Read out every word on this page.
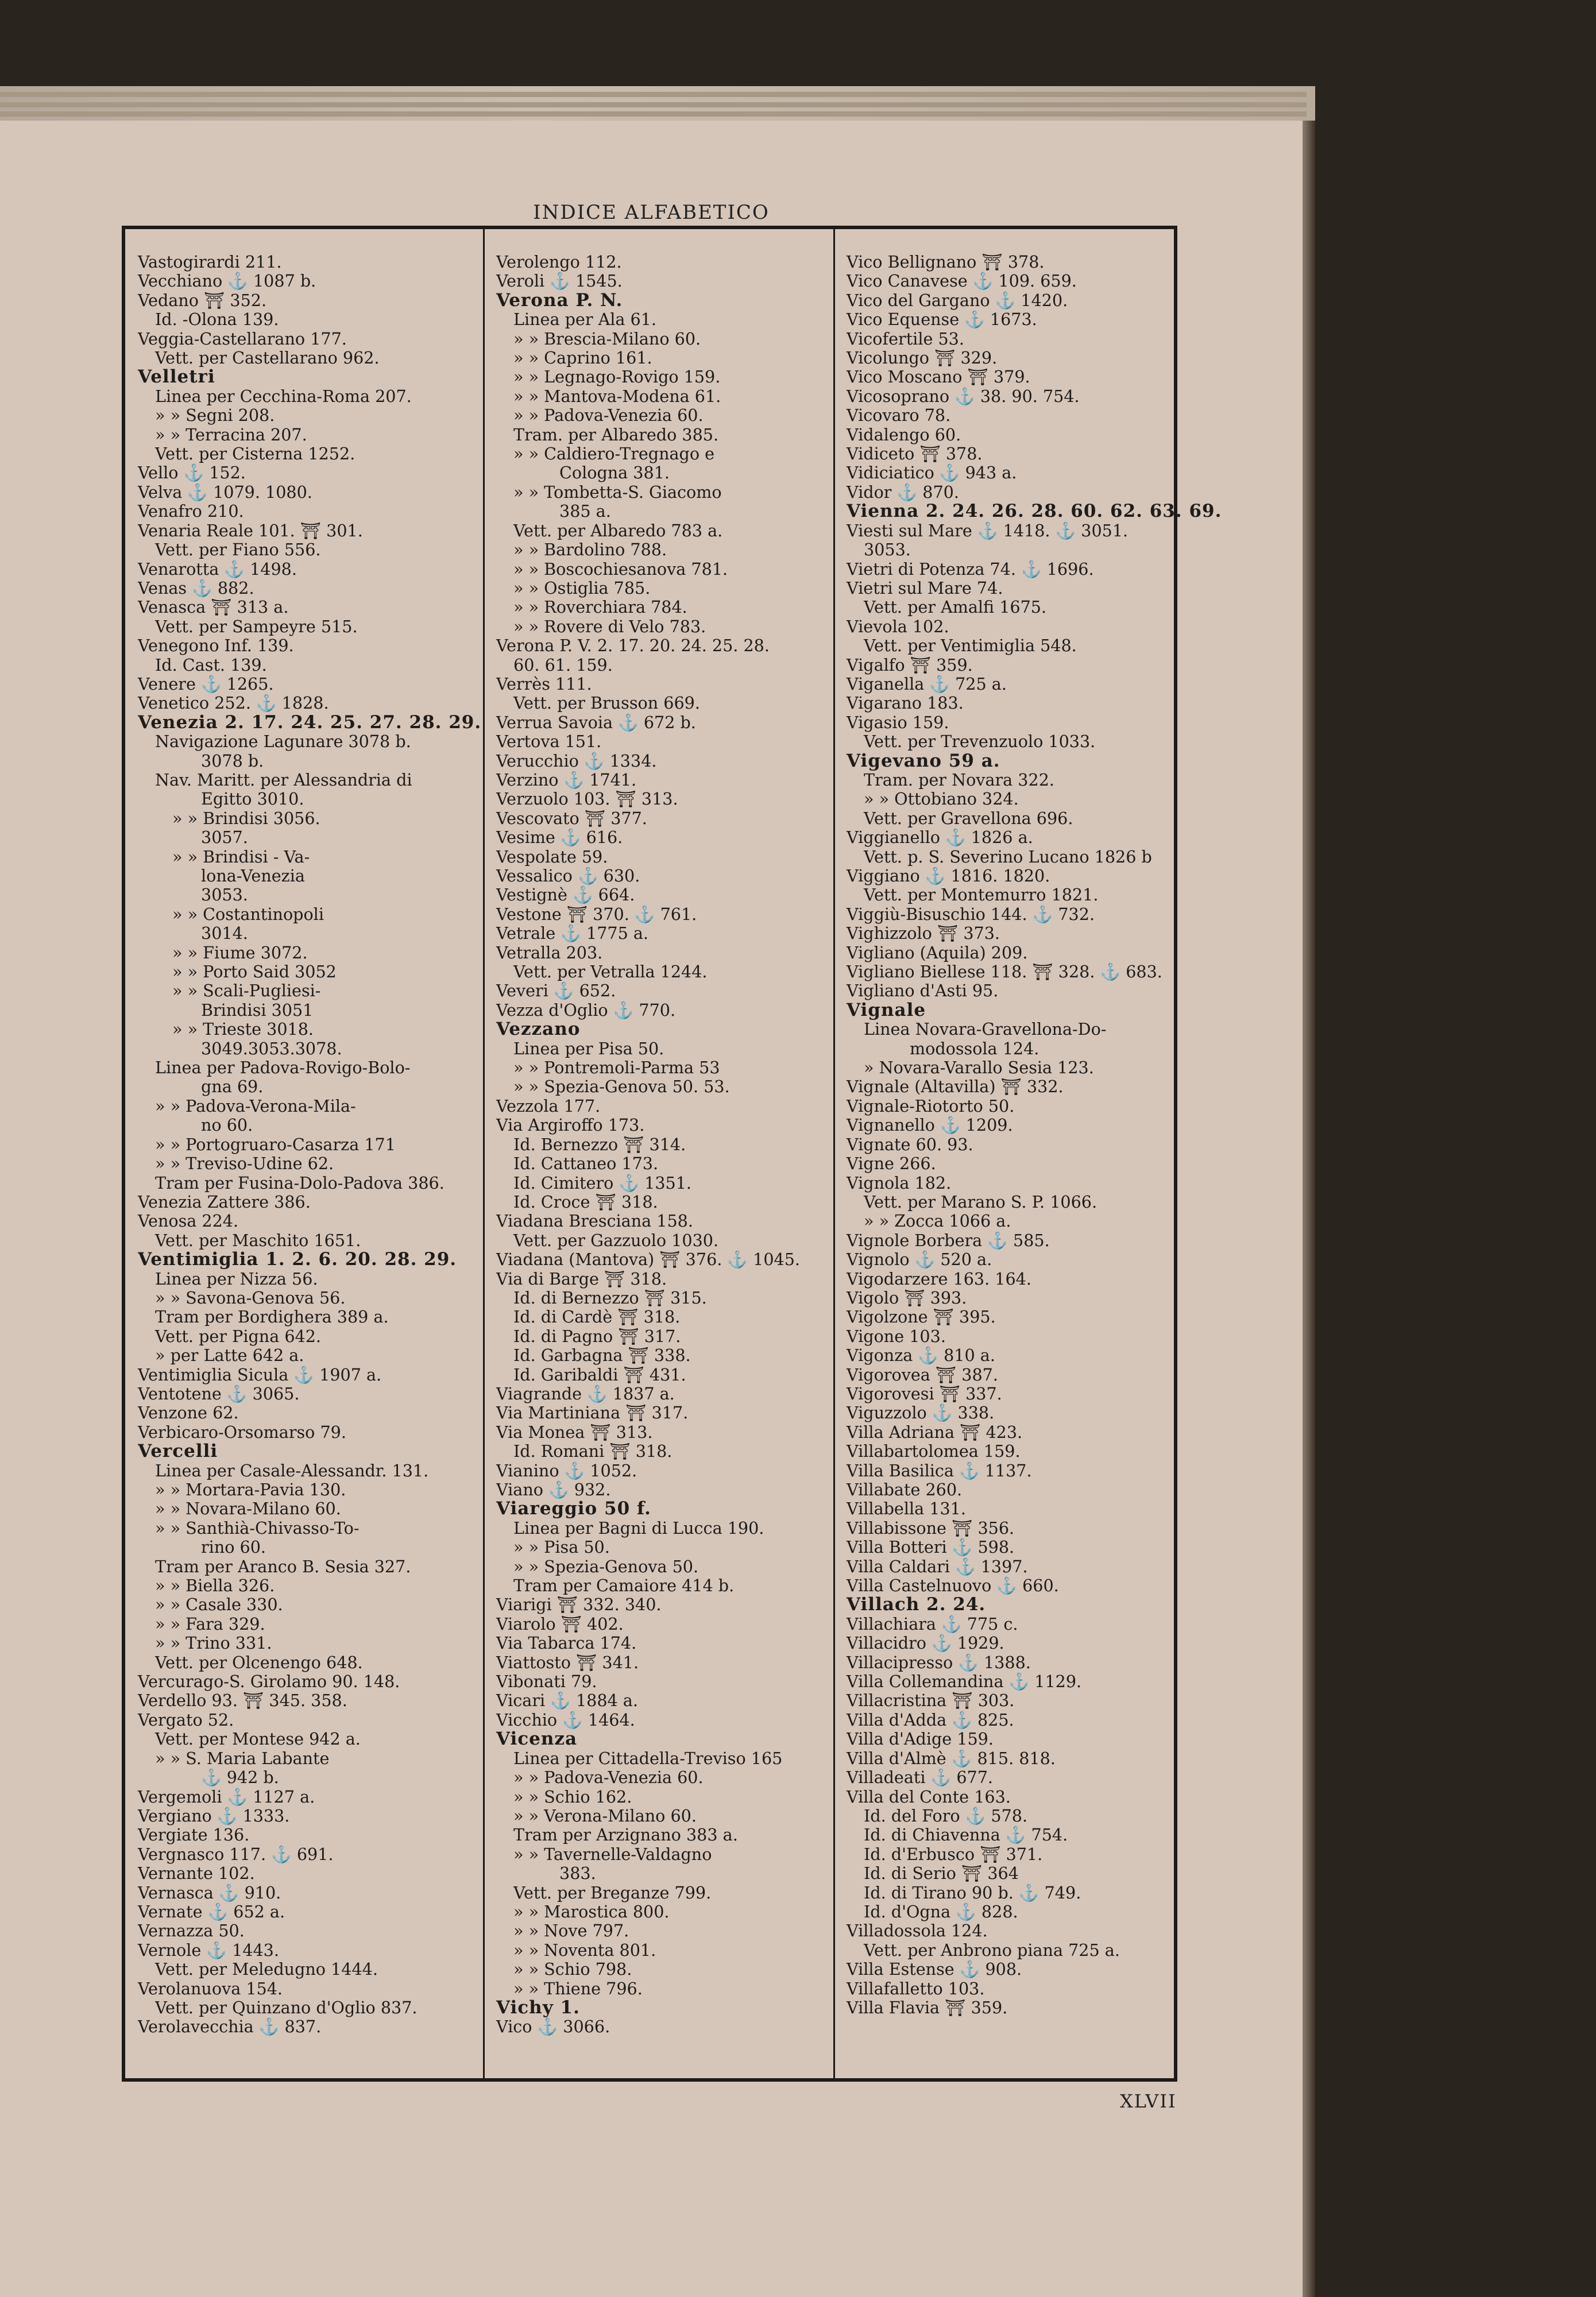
INDICE ALFABETICO
Vastogirardi 211.
Vecchiano ⚓ 1087 b.
Vedano ⛩ 352.
Id. -Olona 139.
Veggia-Castellarano 177.
Vett. per Castellarano 962.
Velletri
Linea per Cecchina-Roma 207.
» » Segni 208.
» » Terracina 207.
Vett. per Cisterna 1252.
Vello ⚓ 152.
Velva ⚓ 1079. 1080.
Venafro 210.
Venaria Reale 101. ⛩ 301.
Vett. per Fiano 556.
Venarotta ⚓ 1498.
Venas ⚓ 882.
Venasca ⛩ 313 a.
Vett. per Sampeyre 515.
Venegono Inf. 139.
Id. Cast. 139.
Venere ⚓ 1265.
Venetico 252. ⚓ 1828.
Venezia 2. 17. 24. 25. 27. 28. 29.
Navigazione Lagunare 3078 b.
3078 b.
Nav. Maritt. per Alessandria di
Egitto 3010.
» » Brindisi 3056.
3057.
» » Brindisi - Va-
lona-Venezia
3053.
» » Costantinopoli
3014.
» » Fiume 3072.
» » Porto Said 3052
» » Scali-Pugliesi-
Brindisi 3051
» » Trieste 3018.
3049.3053.3078.
Linea per Padova-Rovigo-Bolo-
gna 69.
» » Padova-Verona-Mila-
no 60.
» » Portogruaro-Casarza 171
» » Treviso-Udine 62.
Tram per Fusina-Dolo-Padova 386.
Venezia Zattere 386.
Venosa 224.
Vett. per Maschito 1651.
Ventimiglia 1. 2. 6. 20. 28. 29.
Linea per Nizza 56.
» » Savona-Genova 56.
Tram per Bordighera 389 a.
Vett. per Pigna 642.
» per Latte 642 a.
Ventimiglia Sicula ⚓ 1907 a.
Ventotene ⚓ 3065.
Venzone 62.
Verbicaro-Orsomarso 79.
Vercelli
Linea per Casale-Alessandr. 131.
» » Mortara-Pavia 130.
» » Novara-Milano 60.
» » Santhià-Chivasso-To-
rino 60.
Tram per Aranco B. Sesia 327.
» » Biella 326.
» » Casale 330.
» » Fara 329.
» » Trino 331.
Vett. per Olcenengo 648.
Vercurago-S. Girolamo 90. 148.
Verdello 93. ⛩ 345. 358.
Vergato 52.
Vett. per Montese 942 a.
» » S. Maria Labante
⚓ 942 b.
Vergemoli ⚓ 1127 a.
Vergiano ⚓ 1333.
Vergiate 136.
Vergnasco 117. ⚓ 691.
Vernante 102.
Vernasca ⚓ 910.
Vernate ⚓ 652 a.
Vernazza 50.
Vernole ⚓ 1443.
Vett. per Meledugno 1444.
Verolanuova 154.
Vett. per Quinzano d'Oglio 837.
Verolavecchia ⚓ 837.
Verolengo 112.
Veroli ⚓ 1545.
Verona P. N.
Linea per Ala 61.
» » Brescia-Milano 60.
» » Caprino 161.
» » Legnago-Rovigo 159.
» » Mantova-Modena 61.
» » Padova-Venezia 60.
Tram. per Albaredo 385.
» » Caldiero-Tregnago e
Cologna 381.
» » Tombetta-S. Giacomo
385 a.
Vett. per Albaredo 783 a.
» » Bardolino 788.
» » Boscochiesanova 781.
» » Ostiglia 785.
» » Roverchiara 784.
» » Rovere di Velo 783.
Verona P. V. 2. 17. 20. 24. 25. 28.
60. 61. 159.
Verrès 111.
Vett. per Brusson 669.
Verrua Savoia ⚓ 672 b.
Vertova 151.
Verucchio ⚓ 1334.
Verzino ⚓ 1741.
Verzuolo 103. ⛩ 313.
Vescovato ⛩ 377.
Vesime ⚓ 616.
Vespolate 59.
Vessalico ⚓ 630.
Vestignè ⚓ 664.
Vestone ⛩ 370. ⚓ 761.
Vetrale ⚓ 1775 a.
Vetralla 203.
Vett. per Vetralla 1244.
Veveri ⚓ 652.
Vezza d'Oglio ⚓ 770.
Vezzano
Linea per Pisa 50.
» » Pontremoli-Parma 53
» » Spezia-Genova 50. 53.
Vezzola 177.
Via Argiroffo 173.
Id. Bernezzo ⛩ 314.
Id. Cattaneo 173.
Id. Cimitero ⚓ 1351.
Id. Croce ⛩ 318.
Viadana Bresciana 158.
Vett. per Gazzuolo 1030.
Viadana (Mantova) ⛩ 376. ⚓ 1045.
Via di Barge ⛩ 318.
Id. di Bernezzo ⛩ 315.
Id. di Cardè ⛩ 318.
Id. di Pagno ⛩ 317.
Id. Garbagna ⛩ 338.
Id. Garibaldi ⛩ 431.
Viagrande ⚓ 1837 a.
Via Martiniana ⛩ 317.
Via Monea ⛩ 313.
Id. Romani ⛩ 318.
Vianino ⚓ 1052.
Viano ⚓ 932.
Viareggio 50 f.
Linea per Bagni di Lucca 190.
» » Pisa 50.
» » Spezia-Genova 50.
Tram per Camaiore 414 b.
Viarigi ⛩ 332. 340.
Viarolo ⛩ 402.
Via Tabarca 174.
Viattosto ⛩ 341.
Vibonati 79.
Vicari ⚓ 1884 a.
Vicchio ⚓ 1464.
Vicenza
Linea per Cittadella-Treviso 165
» » Padova-Venezia 60.
» » Schio 162.
» » Verona-Milano 60.
Tram per Arzignano 383 a.
» » Tavernelle-Valdagno
383.
Vett. per Breganze 799.
» » Marostica 800.
» » Nove 797.
» » Noventa 801.
» » Schio 798.
» » Thiene 796.
Vichy 1.
Vico ⚓ 3066.
Vico Bellignano ⛩ 378.
Vico Canavese ⚓ 109. 659.
Vico del Gargano ⚓ 1420.
Vico Equense ⚓ 1673.
Vicofertile 53.
Vicolungo ⛩ 329.
Vico Moscano ⛩ 379.
Vicosoprano ⚓ 38. 90. 754.
Vicovaro 78.
Vidalengo 60.
Vidiceto ⛩ 378.
Vidiciatico ⚓ 943 a.
Vidor ⚓ 870.
Vienna 2. 24. 26. 28. 60. 62. 63. 69.
Viesti sul Mare ⚓ 1418. ⚓ 3051.
3053.
Vietri di Potenza 74. ⚓ 1696.
Vietri sul Mare 74.
Vett. per Amalfi 1675.
Vievola 102.
Vett. per Ventimiglia 548.
Vigalfo ⛩ 359.
Viganella ⚓ 725 a.
Vigarano 183.
Vigasio 159.
Vett. per Trevenzuolo 1033.
Vigevano 59 a.
Tram. per Novara 322.
» » Ottobiano 324.
Vett. per Gravellona 696.
Viggianello ⚓ 1826 a.
Vett. p. S. Severino Lucano 1826 b
Viggiano ⚓ 1816. 1820.
Vett. per Montemurro 1821.
Viggiù-Bisuschio 144. ⚓ 732.
Vighizzolo ⛩ 373.
Vigliano (Aquila) 209.
Vigliano Biellese 118. ⛩ 328. ⚓ 683.
Vigliano d'Asti 95.
Vignale
Linea Novara-Gravellona-Do-
modossola 124.
» Novara-Varallo Sesia 123.
Vignale (Altavilla) ⛩ 332.
Vignale-Riotorto 50.
Vignanello ⚓ 1209.
Vignate 60. 93.
Vigne 266.
Vignola 182.
Vett. per Marano S. P. 1066.
» » Zocca 1066 a.
Vignole Borbera ⚓ 585.
Vignolo ⚓ 520 a.
Vigodarzere 163. 164.
Vigolo ⛩ 393.
Vigolzone ⛩ 395.
Vigone 103.
Vigonza ⚓ 810 a.
Vigorovea ⛩ 387.
Vigorovesi ⛩ 337.
Viguzzolo ⚓ 338.
Villa Adriana ⛩ 423.
Villabartolomea 159.
Villa Basilica ⚓ 1137.
Villabate 260.
Villabella 131.
Villabissone ⛩ 356.
Villa Botteri ⚓ 598.
Villa Caldari ⚓ 1397.
Villa Castelnuovo ⚓ 660.
Villach 2. 24.
Villachiara ⚓ 775 c.
Villacidro ⚓ 1929.
Villacipresso ⚓ 1388.
Villa Collemandina ⚓ 1129.
Villacristina ⛩ 303.
Villa d'Adda ⚓ 825.
Villa d'Adige 159.
Villa d'Almè ⚓ 815. 818.
Villadeati ⚓ 677.
Villa del Conte 163.
Id. del Foro ⚓ 578.
Id. di Chiavenna ⚓ 754.
Id. d'Erbusco ⛩ 371.
Id. di Serio ⛩ 364
Id. di Tirano 90 b. ⚓ 749.
Id. d'Ogna ⚓ 828.
Villadossola 124.
Vett. per Anbrono piana 725 a.
Villa Estense ⚓ 908.
Villafalletto 103.
Villa Flavia ⛩ 359.
XLVII
